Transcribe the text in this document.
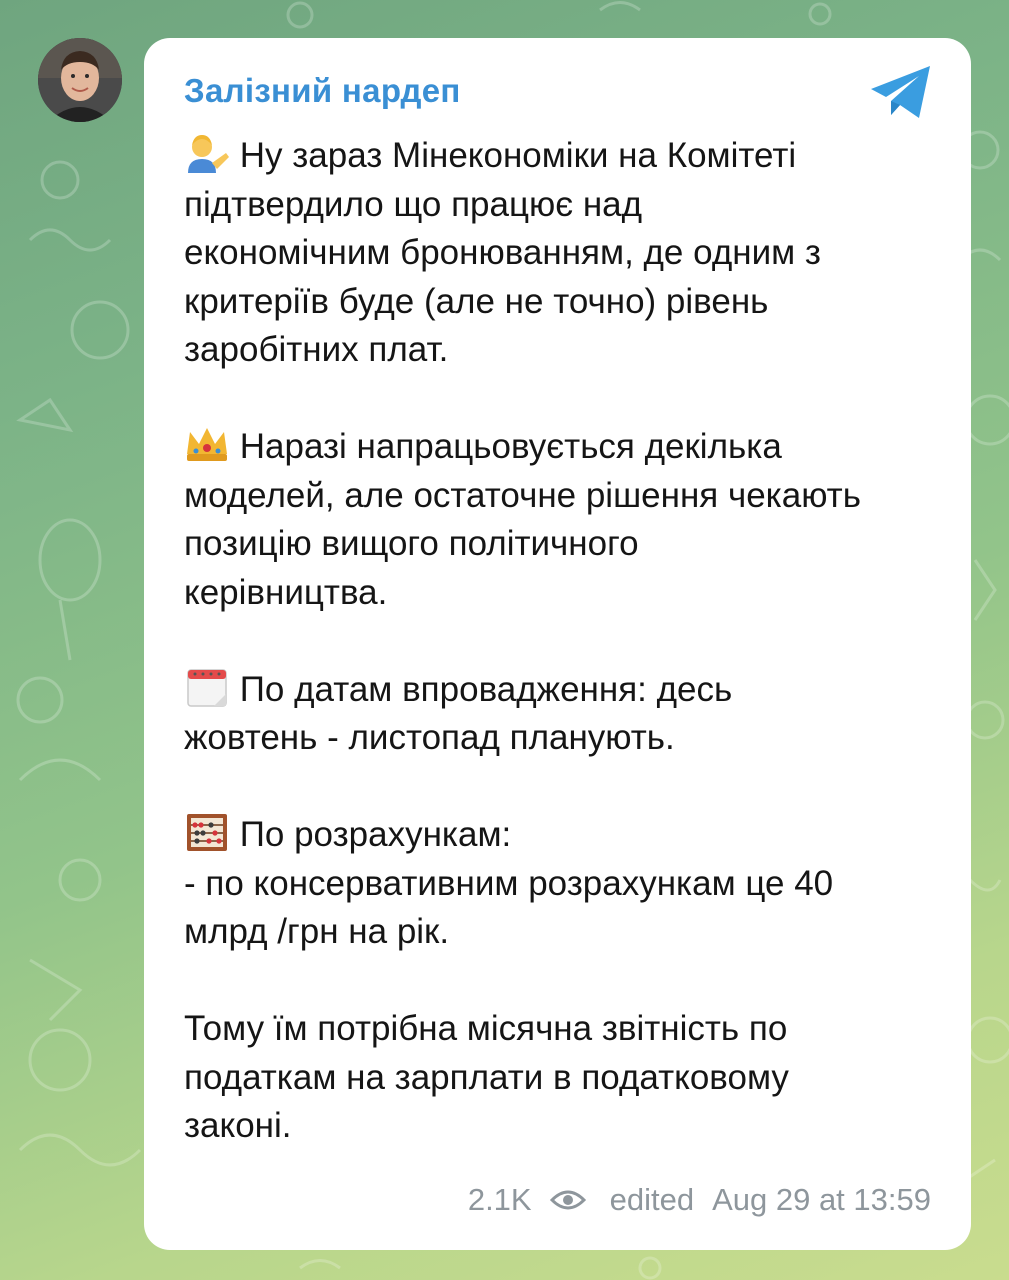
Залізний нардеп

Ну зараз Мінекономіки на Комітеті
підтвердило що працює над
економічним бронюванням, де одним з
критеріїв буде (але не точно) рівень
заробітних плат.

Наразі напрацьовується декілька
моделей, але остаточне рішення чекають
позицію вищого політичного
керівництва.

По датам впровадження: десь
жовтень - листопад планують.

По розрахункам:
- по консервативним розрахункам це 40
млрд /грн на рік.

Тому їм потрібна місячна звітність по
податкам на зарплати в податковому
законі.

2.1K	edited Aug 29 at 13:59
